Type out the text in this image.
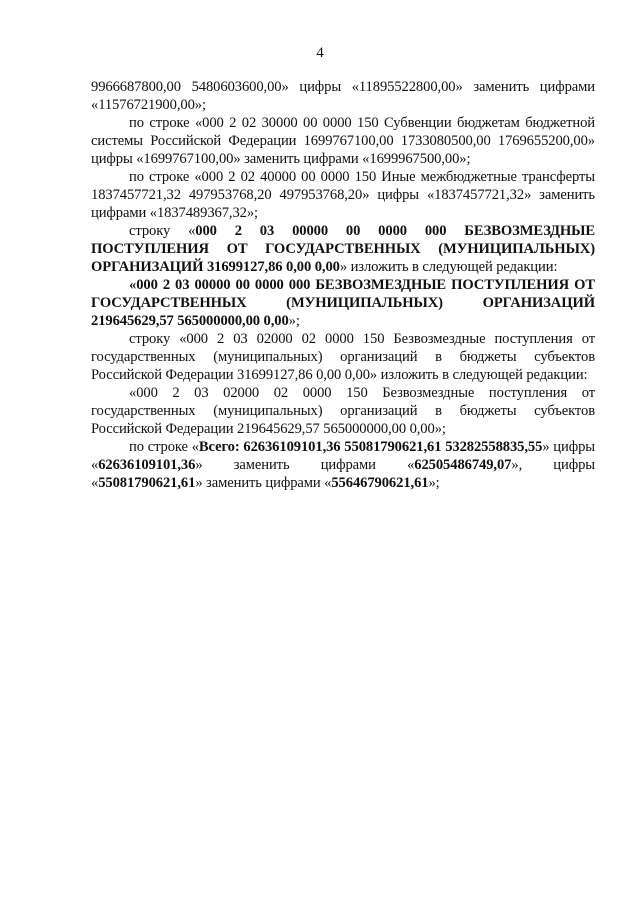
4

9966687800,00 5480603600,00» цифры «11895522800,00» заменить цифрами «11576721900,00»;

по строке «000 2 02 30000 00 0000 150 Субвенции бюджетам бюджетной системы Российской Федерации 1699767100,00 1733080500,00 1769655200,00» цифры «1699767100,00» заменить цифрами «1699967500,00»;

по строке «000 2 02 40000 00 0000 150 Иные межбюджетные трансферты 1837457721,32 497953768,20 497953768,20» цифры «1837457721,32» заменить цифрами «1837489367,32»;

строку «000 2 03 00000 00 0000 000 БЕЗВОЗМЕЗДНЫЕ ПОСТУПЛЕНИЯ ОТ ГОСУДАРСТВЕННЫХ (МУНИЦИПАЛЬНЫХ) ОРГАНИЗАЦИЙ 31699127,86 0,00 0,00» изложить в следующей редакции:

«000 2 03 00000 00 0000 000 БЕЗВОЗМЕЗДНЫЕ ПОСТУПЛЕНИЯ ОТ ГОСУДАРСТВЕННЫХ (МУНИЦИПАЛЬНЫХ) ОРГАНИЗАЦИЙ 219645629,57 565000000,00 0,00»;

строку «000 2 03 02000 02 0000 150 Безвозмездные поступления от государственных (муниципальных) организаций в бюджеты субъектов Российской Федерации 31699127,86 0,00 0,00» изложить в следующей редакции:

«000 2 03 02000 02 0000 150 Безвозмездные поступления от государственных (муниципальных) организаций в бюджеты субъектов Российской Федерации 219645629,57 565000000,00 0,00»;

по строке «Всего: 62636109101,36 55081790621,61 53282558835,55» цифры «62636109101,36» заменить цифрами «62505486749,07», цифры «55081790621,61» заменить цифрами «55646790621,61»;
